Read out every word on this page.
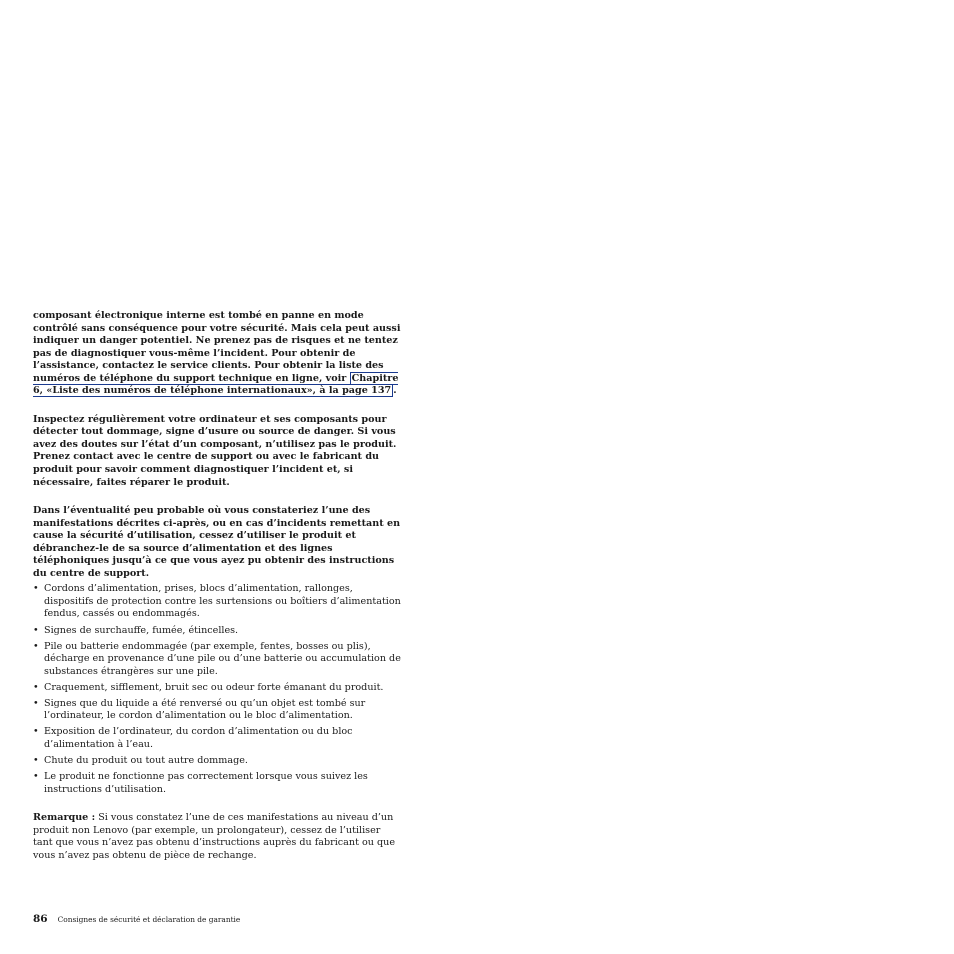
composant électronique interne est tombé en panne en mode contrôlé sans conséquence pour votre sécurité. Mais cela peut aussi indiquer un danger potentiel. Ne prenez pas de risques et ne tentez pas de diagnostiquer vous-même l’incident. Pour obtenir de l’assistance, contactez le service clients. Pour obtenir la liste des numéros de téléphone du support technique en ligne, voir Chapitre 6, «Liste des numéros de téléphone internationaux», à la page 137 .

Inspectez régulièrement votre ordinateur et ses composants pour détecter tout dommage, signe d’usure ou source de danger. Si vous avez des doutes sur l’état d’un composant, n’utilisez pas le produit. Prenez contact avec le centre de support ou avec le fabricant du produit pour savoir comment diagnostiquer l’incident et, si nécessaire, faites réparer le produit.

Dans l’éventualité peu probable où vous constateriez l’une des manifestations décrites ci-après, ou en cas d’incidents remettant en cause la sécurité d’utilisation, cessez d’utiliser le produit et débranchez-le de sa source d’alimentation et des lignes téléphoniques jusqu’à ce que vous ayez pu obtenir des instructions du centre de support.

• Cordons d’alimentation, prises, blocs d’alimentation, rallonges, dispositifs de protection contre les surtensions ou boîtiers d’alimentation fendus, cassés ou endommagés.
• Signes de surchauffe, fumée, étincelles.
• Pile ou batterie endommagée (par exemple, fentes, bosses ou plis), décharge en provenance d’une pile ou d’une batterie ou accumulation de substances étrangères sur une pile.
• Craquement, sifflement, bruit sec ou odeur forte émanant du produit.
• Signes que du liquide a été renversé ou qu’un objet est tombé sur l’ordinateur, le cordon d’alimentation ou le bloc d’alimentation.
• Exposition de l’ordinateur, du cordon d’alimentation ou du bloc d’alimentation à l’eau.
• Chute du produit ou tout autre dommage.
• Le produit ne fonctionne pas correctement lorsque vous suivez les instructions d’utilisation.

Remarque : Si vous constatez l’une de ces manifestations au niveau d’un produit non Lenovo (par exemple, un prolongateur), cessez de l’utiliser tant que vous n’avez pas obtenu d’instructions auprès du fabricant ou que vous n’avez pas obtenu de pièce de rechange.

86 Consignes de sécurité et déclaration de garantie
